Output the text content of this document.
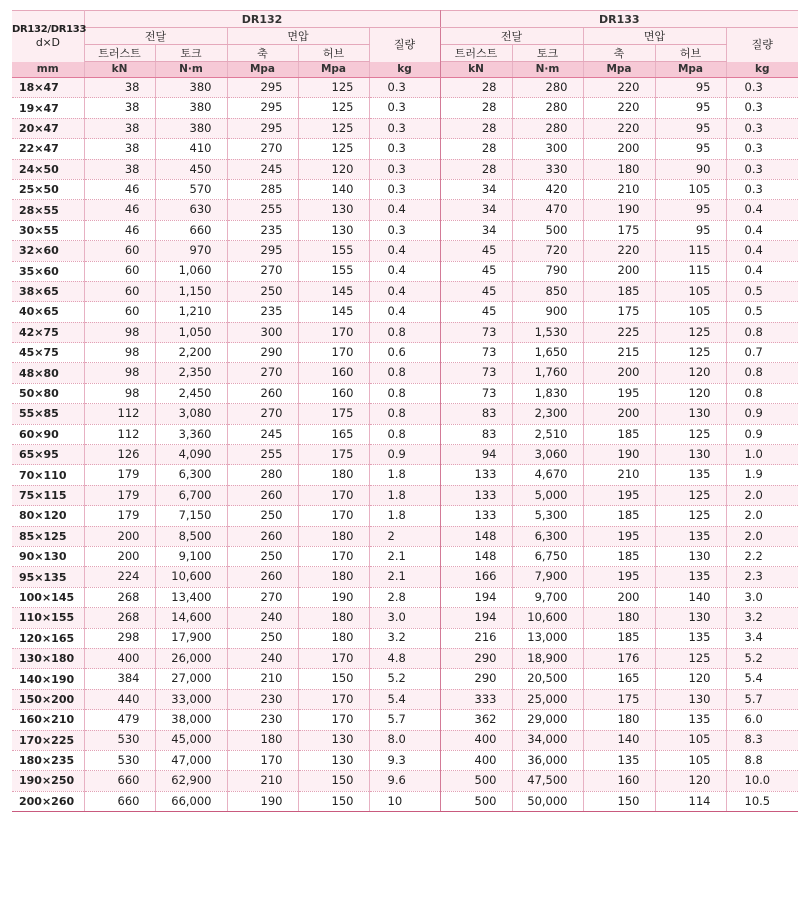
DR132/DR133
d×D	DR132					DR133				
	전달		면압		질량	전달		면압		질량
	트러스트	토크	축	허브		트러스트	토크	축	허브	
mm	kN	N·m	Mpa	Mpa	kg	kN	N·m	Mpa	Mpa	kg
18×47	38	380	295	125	0.3	28	280	220	95	0.3
19×47	38	380	295	125	0.3	28	280	220	95	0.3
20×47	38	380	295	125	0.3	28	280	220	95	0.3
22×47	38	410	270	125	0.3	28	300	200	95	0.3
24×50	38	450	245	120	0.3	28	330	180	90	0.3
25×50	46	570	285	140	0.3	34	420	210	105	0.3
28×55	46	630	255	130	0.4	34	470	190	95	0.4
30×55	46	660	235	130	0.3	34	500	175	95	0.4
32×60	60	970	295	155	0.4	45	720	220	115	0.4
35×60	60	1,060	270	155	0.4	45	790	200	115	0.4
38×65	60	1,150	250	145	0.4	45	850	185	105	0.5
40×65	60	1,210	235	145	0.4	45	900	175	105	0.5
42×75	98	1,050	300	170	0.8	73	1,530	225	125	0.8
45×75	98	2,200	290	170	0.6	73	1,650	215	125	0.7
48×80	98	2,350	270	160	0.8	73	1,760	200	120	0.8
50×80	98	2,450	260	160	0.8	73	1,830	195	120	0.8
55×85	112	3,080	270	175	0.8	83	2,300	200	130	0.9
60×90	112	3,360	245	165	0.8	83	2,510	185	125	0.9
65×95	126	4,090	255	175	0.9	94	3,060	190	130	1.0
70×110	179	6,300	280	180	1.8	133	4,670	210	135	1.9
75×115	179	6,700	260	170	1.8	133	5,000	195	125	2.0
80×120	179	7,150	250	170	1.8	133	5,300	185	125	2.0
85×125	200	8,500	260	180	2	148	6,300	195	135	2.0
90×130	200	9,100	250	170	2.1	148	6,750	185	130	2.2
95×135	224	10,600	260	180	2.1	166	7,900	195	135	2.3
100×145	268	13,400	270	190	2.8	194	9,700	200	140	3.0
110×155	268	14,600	240	180	3.0	194	10,600	180	130	3.2
120×165	298	17,900	250	180	3.2	216	13,000	185	135	3.4
130×180	400	26,000	240	170	4.8	290	18,900	176	125	5.2
140×190	384	27,000	210	150	5.2	290	20,500	165	120	5.4
150×200	440	33,000	230	170	5.4	333	25,000	175	130	5.7
160×210	479	38,000	230	170	5.7	362	29,000	180	135	6.0
170×225	530	45,000	180	130	8.0	400	34,000	140	105	8.3
180×235	530	47,000	170	130	9.3	400	36,000	135	105	8.8
190×250	660	62,900	210	150	9.6	500	47,500	160	120	10.0
200×260	660	66,000	190	150	10	500	50,000	150	114	10.5
